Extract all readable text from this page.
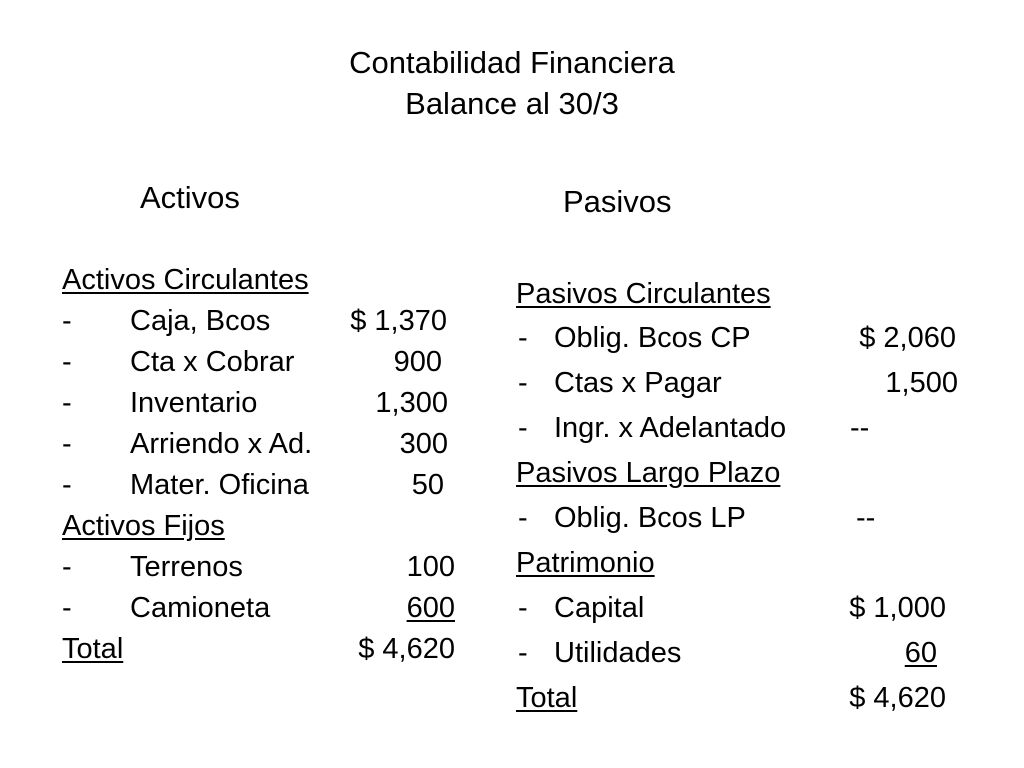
Contabilidad Financiera
Balance al 30/3
Activos
Activos Circulantes
- Caja, Bcos	$ 1,370
- Cta x Cobrar	900
- Inventario	1,300
- Arriendo x Ad.	300
- Mater. Oficina	50
Activos Fijos
- Terrenos	100
- Camioneta	600
Total	$ 4,620
Pasivos
Pasivos Circulantes
- Oblig. Bcos CP	$ 2,060
- Ctas x Pagar	1,500
- Ingr. x Adelantado --
Pasivos Largo Plazo
- Oblig. Bcos LP	--
Patrimonio
- Capital	$ 1,000
- Utilidades	60
Total	$ 4,620
